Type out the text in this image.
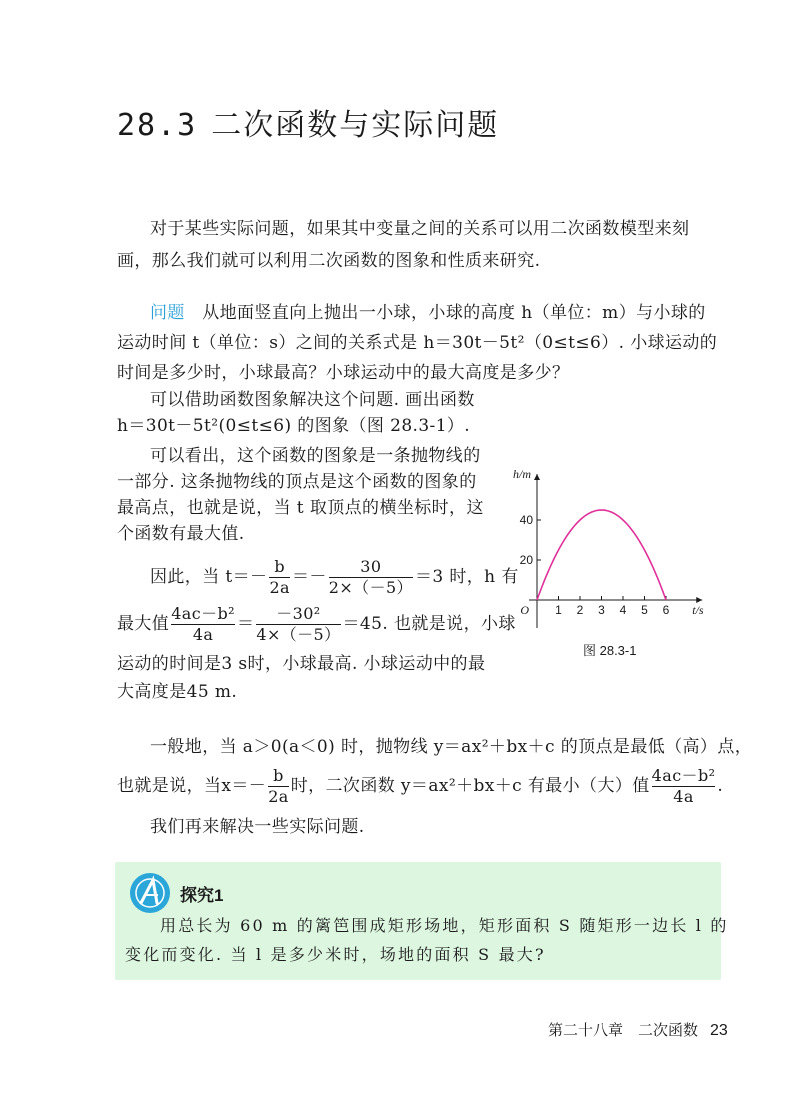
28.3 二次函数与实际问题
对于某些实际问题，如果其中变量之间的关系可以用二次函数模型来刻
画，那么我们就可以利用二次函数的图象和性质来研究.
问题　 从地面竖直向上抛出一小球，小球的高度 h（单位：m）与小球的
运动时间 t（单位：s）之间的关系式是 h＝30t－5t²（0≤t≤6）. 小球运动的
时间是多少时，小球最高？小球运动中的最大高度是多少？
可以借助函数图象解决这个问题. 画出函数
h＝30t－5t²(0≤t≤6) 的图象（图 28.3-1）.
可以看出，这个函数的图象是一条抛物线的
一部分. 这条抛物线的顶点是这个函数的图象的
最高点，也就是说，当 t 取顶点的横坐标时，这
个函数有最大值.
因此，当 $t=- \frac{b}{2a} =- \frac{30}{2\times(-5)} =3$ 时，h 有
最大值 $\frac{\text{4ac－b²}}{4a} = \frac{\text{－30²}}{4\times(-5)} =45$. 也就是说，小球
运动的时间是3 s时，小球最高. 小球运动中的最
大高度是45 m.
1 2 3 4 5 6
20
40
O	t/s
h/m
图 28.3-1
一般地，当 a＞0(a＜0) 时，抛物线 y＝ax²＋bx＋c 的顶点是最低（高）点，
也就是说，当$x=- \frac{b}{2a}$ 时，二次函数 y＝ax²＋bx＋c 有最小（大）值 $\frac{\text{4ac－b²}}{4a}$ .
我们再来解决一些实际问题.
探究1
用总长为 60 m 的篱笆围成矩形场地，矩形面积 S 随矩形一边长 l 的
变化而变化. 当 l 是多少米时，场地的面积 S 最大?
第二十八章　二次函数 23
